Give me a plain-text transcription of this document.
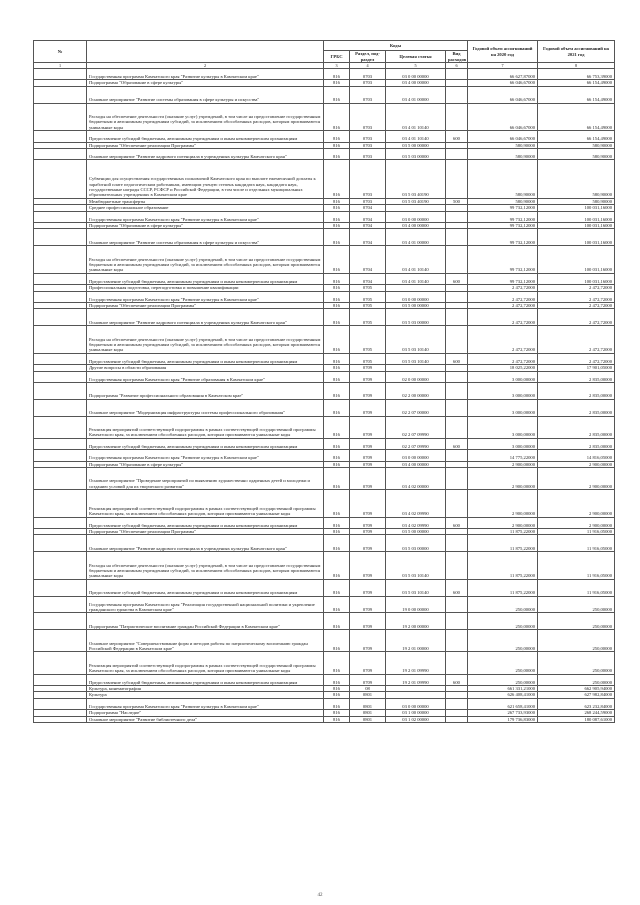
№		Коды				Годовой объем ассигнований на 2020 год	Годовой объем ассигнований на 2021 год
		ГРБС	Раздел, под-раздел	Целевая статья	Вид расходов		
1	2	3	4	5	6	7	8
	Государственная программа Камчатского края "Развитие культуры в Камчатском крае"	816	0703	03 0 00 00000		66 627,87000	66 753,39000
	Подпрограмма "Образование в сфере культуры"	816	0703	03 4 00 00000		66 046,67000	66 154,49000
	Основное мероприятие "Развитие системы образования в сфере культуры и искусства"	816	0703	03 4 01 00000		66 046,67000	66 154,49000
	Расходы на обеспечение деятельности (оказание услуг) учреждений, в том числе на предоставление государственным бюджетным и автономным учреждениям субсидий, за исключением обособленных расходов, которым присваиваются уникальные коды	816	0703	03 4 01 10140		66 046,67000	66 154,49000
	Предоставление субсидий бюджетным, автономным учреждениям и иным некоммерческим организациям	816	0703	03 4 01 10140	600	66 046,67000	66 154,49000
	Подпрограмма "Обеспечение реализации Программы"	816	0703	03 5 00 00000		580,90000	580,90000
	Основное мероприятие "Развитие кадрового потенциала в учреждениях культуры Камчатского края"	816	0703	03 5 03 00000		580,90000	580,90000
	Субвенции для осуществления государственных полномочий Камчатского края по выплате ежемесячной доплаты к заработной плате педагогическим работникам, имеющим ученую степень кандидата наук, кандидата наук, государственные награды СССР, РСФСР и Российской Федерации, в том числе и отдельных муниципальных образовательных учреждениях в Камчатском крае	816	0703	03 5 03 40190		580,90000	580,90000
	Межбюджетные трансферты	816	0703	03 5 03 40190	500	580,90000	580,90000
	Среднее профессиональное образование	816	0704			99 732,12000	100 031,16000
	Государственная программа Камчатского края "Развитие культуры в Камчатском крае"	816	0704	03 0 00 00000		99 732,12000	100 031,16000
	Подпрограмма "Образование в сфере культуры"	816	0704	03 4 00 00000		99 732,12000	100 031,16000
	Основное мероприятие "Развитие системы образования в сфере культуры и искусства"	816	0704	03 4 01 00000		99 732,12000	100 031,16000
	Расходы на обеспечение деятельности (оказание услуг) учреждений, в том числе на предоставление государственным бюджетным и автономным учреждениям субсидий, за исключением обособленных расходов, которым присваиваются уникальные коды	816	0704	03 4 01 10140		99 732,12000	100 031,16000
	Предоставление субсидий бюджетным, автономным учреждениям и иным некоммерческим организациям	816	0704	03 4 01 10140	600	99 732,12000	100 031,16000
	Профессиональная подготовка, переподготовка и повышение квалификации	816	0705			2 472,72000	2 472,72000
	Государственная программа Камчатского края "Развитие культуры в Камчатском крае"	816	0705	03 0 00 00000		2 472,72000	2 472,72000
	Подпрограмма "Обеспечение реализации Программы"	816	0705	03 5 00 00000		2 472,72000	2 472,72000
	Основное мероприятие "Развитие кадрового потенциала в учреждениях культуры Камчатского края"	816	0705	03 5 03 00000		2 472,72000	2 472,72000
	Расходы на обеспечение деятельности (оказание услуг) учреждений, в том числе на предоставление государственным бюджетным и автономным учреждениям субсидий, за исключением обособленных расходов, которым присваиваются уникальные коды	816	0705	03 5 03 10140		2 472,72000	2 472,72000
	Предоставление субсидий бюджетным, автономным учреждениям и иным некоммерческим организациям	816	0705	03 5 03 10140	600	2 472,72000	2 472,72000
	Другие вопросы в области образования	816	0709			18 025,22000	17 901,05000
	Государственная программа Камчатского края "Развитие образования в Камчатском крае"	816	0709	02 0 00 00000		3 000,00000	2 835,00000
	Подпрограмма "Развитие профессионального образования в Камчатском крае"	816	0709	02 2 00 00000		3 000,00000	2 835,00000
	Основное мероприятие "Модернизация инфраструктуры системы профессионального образования"	816	0709	02 2 07 00000		3 000,00000	2 835,00000
	Реализация мероприятий соответствующей подпрограммы в рамках соответствующей государственной программы Камчатского края, за исключением обособленных расходов, которым присваиваются уникальные коды	816	0709	02 2 07 09990		3 000,00000	2 835,00000
	Предоставление субсидий бюджетным, автономным учреждениям и иным некоммерческим организациям	816	0709	02 2 07 09990	600	3 000,00000	2 835,00000
	Государственная программа Камчатского края "Развитие культуры в Камчатском крае"	816	0709	03 0 00 00000		14 775,22000	14 816,05000
	Подпрограмма "Образование в сфере культуры"	816	0709	03 4 00 00000		2 900,00000	2 900,00000
	Основное мероприятие "Проведение мероприятий по выявлению художественно одаренных детей и молодежи и созданию условий для их творческого развития"	816	0709	03 4 02 00000		2 900,00000	2 900,00000
	Реализация мероприятий соответствующей подпрограммы в рамках соответствующей государственной программы Камчатского края, за исключением обособленных расходов, которым присваиваются уникальные коды	816	0709	03 4 02 09990		2 900,00000	2 900,00000
	Предоставление субсидий бюджетным, автономным учреждениям и иным некоммерческим организациям	816	0709	03 4 02 09990	600	2 900,00000	2 900,00000
	Подпрограмма "Обеспечение реализации Программы"	816	0709	03 5 00 00000		11 875,22000	11 916,05000
	Основное мероприятие "Развитие кадрового потенциала в учреждениях культуры Камчатского края"	816	0709	03 5 03 00000		11 875,22000	11 916,05000
	Расходы на обеспечение деятельности (оказание услуг) учреждений, в том числе на предоставление государственным бюджетным и автономным учреждениям субсидий, за исключением обособленных расходов, которым присваиваются уникальные коды	816	0709	03 5 03 10140		11 875,22000	11 916,05000
	Предоставление субсидий бюджетным, автономным учреждениям и иным некоммерческим организациям	816	0709	03 5 03 10140	600	11 875,22000	11 916,05000
	Государственная программа Камчатского края "Реализация государственной национальной политики и укрепление гражданского единства в Камчатском крае"	816	0709	19 0 00 00000		250,00000	250,00000
	Подпрограмма "Патриотическое воспитание граждан Российской Федерации в Камчатском крае"	816	0709	19 2 00 00000		250,00000	250,00000
	Основное мероприятие "Совершенствование форм и методов работы по патриотическому воспитанию граждан Российской Федерации в Камчатском крае"	816	0709	19 2 01 00000		250,00000	250,00000
	Реализация мероприятий соответствующей подпрограммы в рамках соответствующей государственной программы Камчатского края, за исключением обособленных расходов, которым присваиваются уникальные коды	816	0709	19 2 01 09990		250,00000	250,00000
	Предоставление субсидий бюджетным, автономным учреждениям и иным некоммерческим организациям	816	0709	19 2 01 09990	600	250,00000	250,00000
	Культура, кинематография	816	08			661 331,21000	662 905,94000
	Культура	816	0801			626 408,41000	627 982,84000
	Государственная программа Камчатского края "Развитие культуры в Камчатском крае"	816	0801	03 0 00 00000		621 658,41000	623 232,84000
	Подпрограмма "Наследие"	816	0801	03 1 00 00000		267 733,93000	268 244,59000
	Основное мероприятие "Развитие библиотечного дела"	816	0801	03 1 02 00000		179 736,83000	180 087,61000
42
